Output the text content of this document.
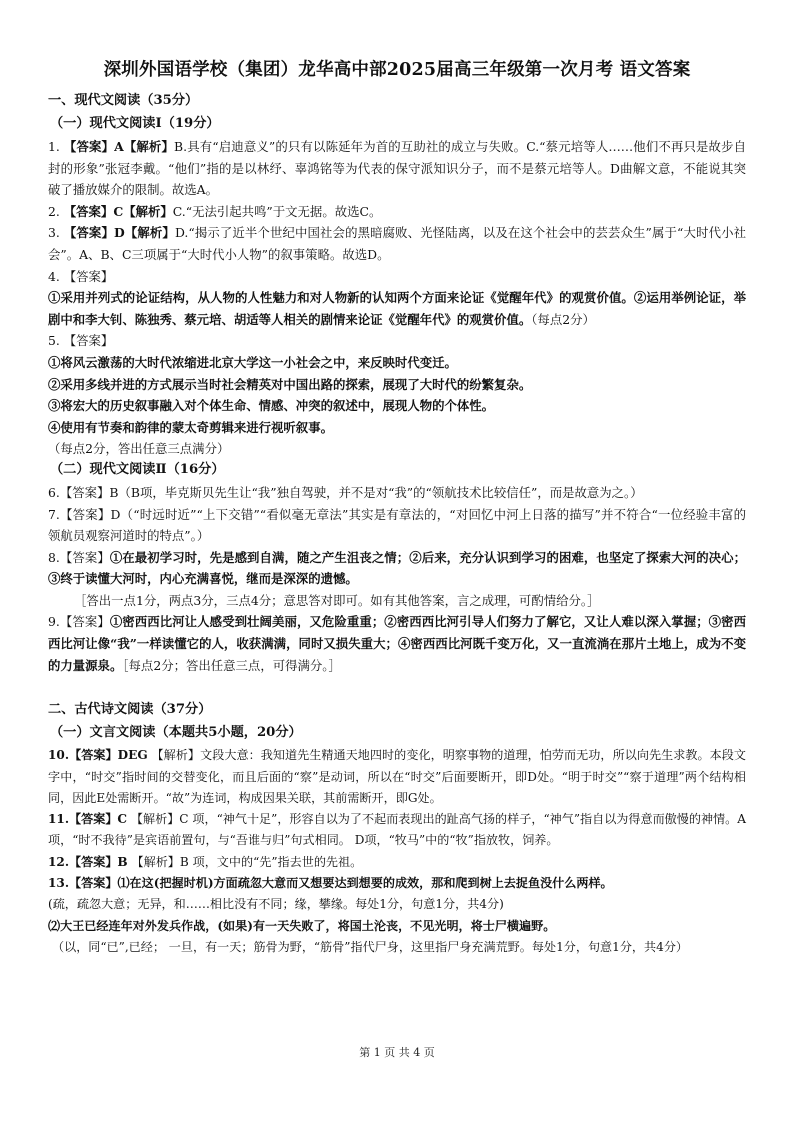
深圳外国语学校（集团）龙华高中部2025届高三年级第一次月考 语文答案
一、现代文阅读（35分）
（一）现代文阅读Ⅰ（19分）

1. 【答案】A【解析】B.具有“启迪意义”的只有以陈延年为首的互助社的成立与失败。C.“蔡元培等人……他们不再只是故步自封的形象”张冠李戴。“他们”指的是以林纾、辜鸿铭等为代表的保守派知识分子，而不是蔡元培等人。D曲解文意，不能说其突破了播放媒介的限制。故选A。

2. 【答案】C【解析】C.“无法引起共鸣”于文无据。故选C。

3. 【答案】D【解析】D.“揭示了近半个世纪中国社会的黑暗腐败、光怪陆离，以及在这个社会中的芸芸众生”属于“大时代小社会”。A、B、C三项属于“大时代小人物”的叙事策略。故选D。

4. 【答案】

①采用并列式的论证结构，从人物的人性魅力和对人物新的认知两个方面来论证《觉醒年代》的观赏价值。②运用举例论证，举剧中和李大钊、陈独秀、蔡元培、胡适等人相关的剧情来论证《觉醒年代》的观赏价值。（每点2分）

5. 【答案】

①将风云激荡的大时代浓缩进北京大学这一小社会之中，来反映时代变迁。

②采用多线并进的方式展示当时社会精英对中国出路的探索，展现了大时代的纷繁复杂。

③将宏大的历史叙事融入对个体生命、情感、冲突的叙述中，展现人物的个体性。

④使用有节奏和韵律的蒙太奇剪辑来进行视听叙事。

（每点2分，答出任意三点满分）

（二）现代文阅读Ⅱ（16分）

6.【答案】B（B项，毕克斯贝先生让“我”独自驾驶，并不是对“我”的“领航技术比较信任”，而是故意为之。）

7.【答案】D（“时远时近”“上下交错”“看似毫无章法”其实是有章法的，“对回忆中河上日落的描写”并不符合“一位经验丰富的领航员观察河道时的特点”。）

8.【答案】①在最初学习时，先是感到自满，随之产生沮丧之情；②后来，充分认识到学习的困难，也坚定了探索大河的决心；③终于读懂大河时，内心充满喜悦，继而是深深的遗憾。

［答出一点1分，两点3分，三点4分；意思答对即可。如有其他答案，言之成理，可酌情给分。］

9.【答案】①密西西比河让人感受到壮阔美丽，又危险重重；②密西西比河引导人们努力了解它，又让人难以深入掌握；③密西西比河让像“我”一样读懂它的人，收获满满，同时又损失重大；④密西西比河既千变万化，又一直流淌在那片土地上，成为不变的力量源泉。［每点2分；答出任意三点，可得满分。］

二、古代诗文阅读（37分）
（一）文言文阅读（本题共5小题，20分）

10.【答案】DEG 【解析】文段大意：我知道先生精通天地四时的变化，明察事物的道理，怕劳而无功，所以向先生求教。本段文字中，“时交”指时间的交替变化，而且后面的“察”是动词，所以在“时交”后面要断开，即D处。“明于时交”“察于道理”两个结构相同，因此E处需断开。“故”为连词，构成因果关联，其前需断开，即G处。

11.【答案】C 【解析】C 项，“神气十足”，形容自以为了不起而表现出的趾高气扬的样子，“神气”指自以为得意而傲慢的神情。A 项，“时不我待”是宾语前置句，与“吾谁与归”句式相同。 D项，“牧马”中的“牧”指放牧，饲养。

12.【答案】B 【解析】B 项，文中的“先”指去世的先祖。

13.【答案】⑴在这(把握时机)方面疏忽大意而又想要达到想要的成效，那和爬到树上去捉鱼没什么两样。

(疏，疏忽大意；无异，和……相比没有不同；缘，攀缘。每处1分，句意1分，共4分)

⑵大王已经连年对外发兵作战，(如果)有一天失败了，将国土沦丧，不见光明，将士尸横遍野。

（以，同“已”,已经； 一旦，有一天；筋骨为野，“筋骨”指代尸身，这里指尸身充满荒野。每处1分，句意1分，共4分）

第 1 页 共 4 页
